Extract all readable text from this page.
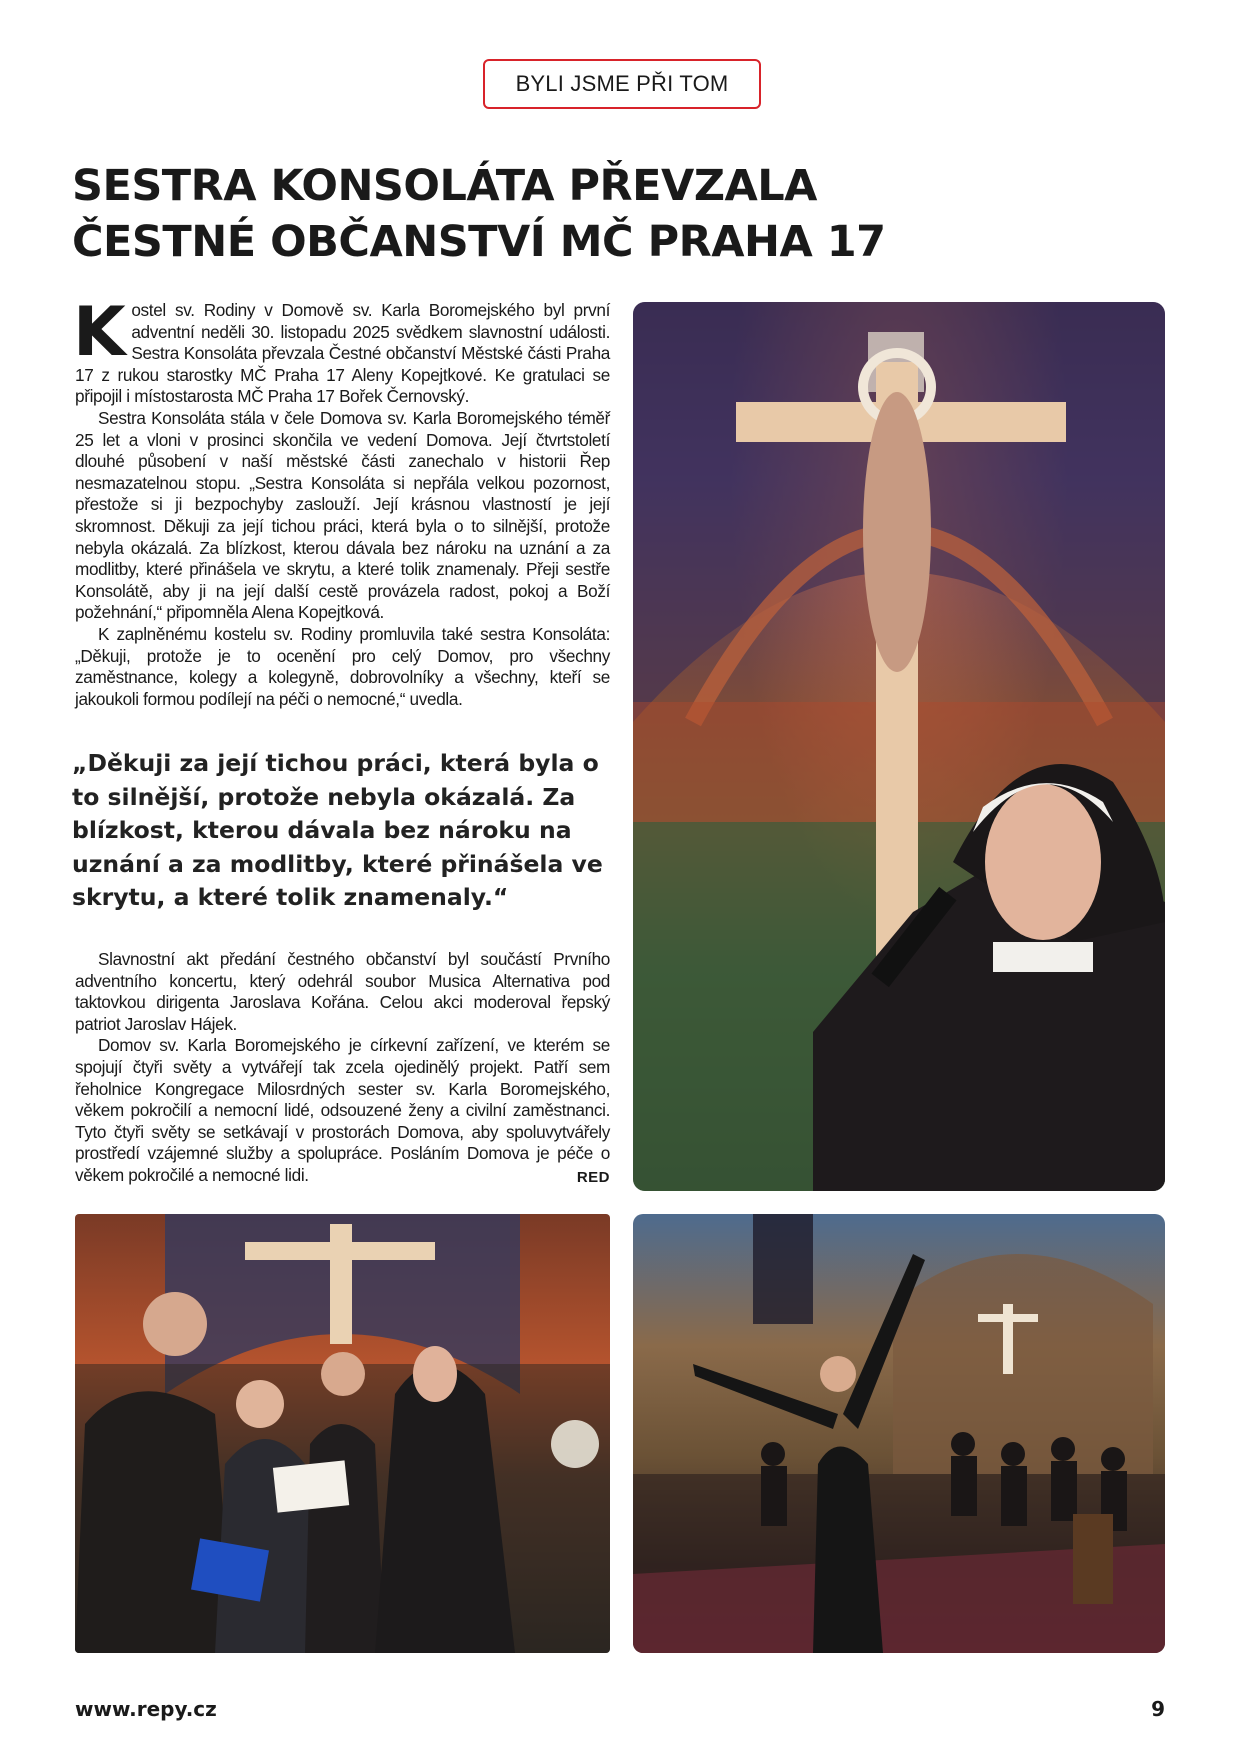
BYLI JSME PŘI TOM
SESTRA KONSOLÁTA PŘEVZALA
ČESTNÉ OBČANSTVÍ MČ PRAHA 17

Kostel sv. Rodiny v Domově sv. Karla Boromejského byl první adventní neděli 30. listopadu 2025 svědkem slavnostní události. Sestra Konsoláta převzala Čestné občanství Městské části Praha 17 z rukou starostky MČ Praha 17 Aleny Kopejtkové. Ke gratulaci se připojil i místostarosta MČ Praha 17 Bořek Černovský.

Sestra Konsoláta stála v čele Domova sv. Karla Boromejského téměř 25 let a vloni v prosinci skončila ve vedení Domova. Její čtvrtstoletí dlouhé působení v naší městské části zanechalo v historii Řep nesmazatelnou stopu. „Sestra Konsoláta si nepřála velkou pozornost, přestože si ji bezpochyby zaslouží. Její krásnou vlastností je její skromnost. Děkuji za její tichou práci, která byla o to silnější, protože nebyla okázalá. Za blízkost, kterou dávala bez nároku na uznání a za modlitby, které přinášela ve skrytu, a které tolik znamenaly. Přeji sestře Konsolátě, aby ji na její další cestě provázela radost, pokoj a Boží požehnání,“ připomněla Alena Kopejtková.

K zaplněnému kostelu sv. Rodiny promluvila také sestra Konsoláta: „Děkuji, protože je to ocenění pro celý Domov, pro všechny zaměstnance, kolegy a kolegyně, dobrovolníky a všechny, kteří se jakoukoli formou podílejí na péči o nemocné,“ uvedla.

„Děkuji za její tichou práci, která byla o to silnější, protože nebyla okázalá. Za blízkost, kterou dávala bez nároku na uznání a za modlitby, které přinášela ve skrytu, a které tolik znamenaly.“

Slavnostní akt předání čestného občanství byl součástí Prvního adventního koncertu, který odehrál soubor Musica Alternativa pod taktovkou dirigenta Jaroslava Kořána. Celou akci moderoval řepský patriot Jaroslav Hájek.

Domov sv. Karla Boromejského je církevní zařízení, ve kterém se spojují čtyři světy a vytvářejí tak zcela ojedinělý projekt. Patří sem řeholnice Kongregace Milosrdných sester sv. Karla Boromejského, věkem pokročilí a nemocní lidé, odsouzené ženy a civilní zaměstnanci. Tyto čtyři světy se setkávají v prostorách Domova, aby spoluvytvářely prostředí vzájemné služby a spolupráce. Posláním Domova je péče o věkem pokročilé a nemocné lidi.	RED

www.repy.cz	9
